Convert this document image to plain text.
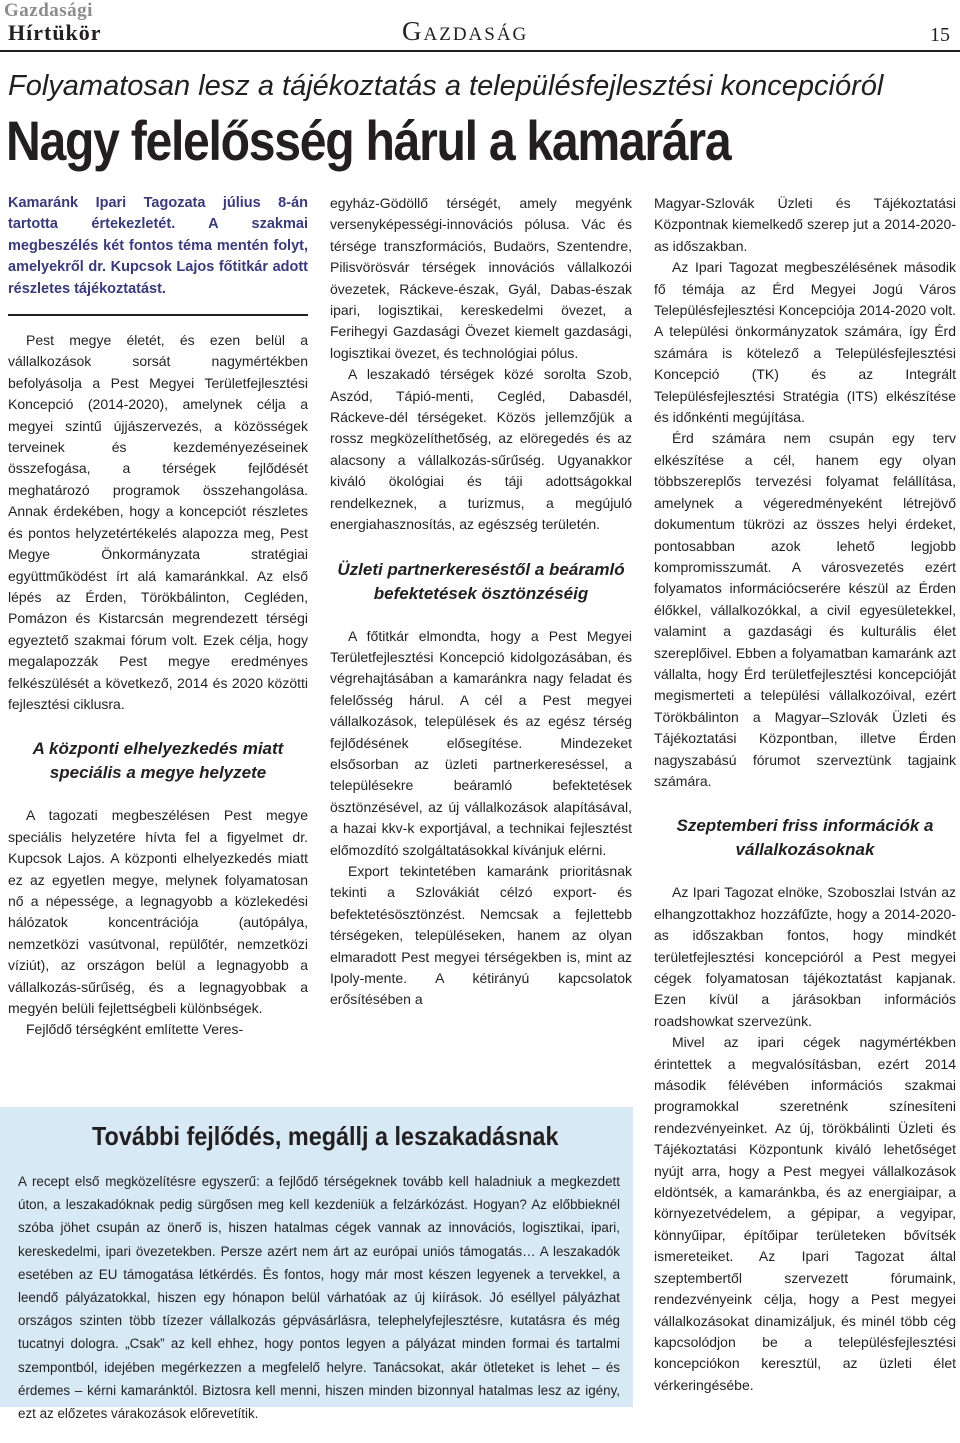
Gazdasági
Hírtükör	Gazdaság	15
Folyamatosan lesz a tájékoztatás a településfejlesztési koncepcióról
Nagy felelősség hárul a kamarára

Kamaránk Ipari Tagozata július 8-án tartotta értekezletét. A szakmai megbeszélés két fontos téma mentén folyt, amelyekről dr. Kupcsok Lajos főtitkár adott részletes tájékoztatást.

Pest megye életét, és ezen belül a vállalkozások sorsát nagymértékben befolyásolja a Pest Megyei Területfejlesztési Koncepció (2014-2020), amelynek célja a megyei szintű újjászervezés, a közösségek terveinek és kezdeményezéseinek összefogása, a térségek fejlődését meghatározó programok összehangolása. Annak érdekében, hogy a koncepciót részletes és pontos helyzetértékelés alapozza meg, Pest Megye Önkormányzata stratégiai együttműködést írt alá kamaránkkal. Az első lépés az Érden, Törökbálinton, Cegléden, Pomázon és Kistarcsán megrendezett térségi egyeztető szakmai fórum volt. Ezek célja, hogy megalapozzák Pest megye eredményes felkészülését a következő, 2014 és 2020 közötti fejlesztési ciklusra.

A központi elhelyezkedés miatt speciális a megye helyzete

A tagozati megbeszélésen Pest megye speciális helyzetére hívta fel a figyelmet dr. Kupcsok Lajos. A központi elhelyezkedés miatt ez az egyetlen megye, melynek folyamatosan nő a népessége, a legnagyobb a közlekedési hálózatok koncentrációja (autópálya, nemzetközi vasútvonal, repülőtér, nemzetközi víziút), az országon belül a legnagyobb a vállalkozás-sűrűség, és a legnagyobbak a megyén belüli fejlettségbeli különbségek.

Fejlődő térségként említette Veres-

egyház-Gödöllő térségét, amely megyénk versenyképességi-innovációs pólusa. Vác és térsége transzformációs, Budaörs, Szentendre, Pilisvörösvár térségek innovációs vállalkozói övezetek, Ráckeve-észak, Gyál, Dabas-észak ipari, logisztikai, kereskedelmi övezet, a Ferihegyi Gazdasági Övezet kiemelt gazdasági, logisztikai övezet, és technológiai pólus.

A leszakadó térségek közé sorolta Szob, Aszód, Tápió-menti, Cegléd, Dabasdél, Ráckeve-dél térségeket. Közös jellemzőjük a rossz megközelíthetőség, az elöregedés és az alacsony a vállalkozás-sűrűség. Ugyanakkor kiváló ökológiai és táji adottságokkal rendelkeznek, a turizmus, a megújuló energiahasznosítás, az egészség területén.

Üzleti partnerkereséstől a beáramló befektetések ösztönzéséig

A főtitkár elmondta, hogy a Pest Megyei Területfejlesztési Koncepció kidolgozásában, és végrehajtásában a kamaránkra nagy feladat és felelősség hárul. A cél a Pest megyei vállalkozások, települések és az egész térség fejlődésének elősegítése. Mindezeket elsősorban az üzleti partnerkereséssel, a településekre beáramló befektetések ösztönzésével, az új vállalkozások alapításával, a hazai kkv-k exportjával, a technikai fejlesztést előmozdító szolgáltatásokkal kívánjuk elérni.

Export tekintetében kamaránk prioritásnak tekinti a Szlovákiát célzó export- és befektetésösztönzést. Nemcsak a fejlettebb térségeken, településeken, hanem az olyan elmaradott Pest megyei térségekben is, mint az Ipoly-mente. A kétirányú kapcsolatok erősítésében a

Magyar-Szlovák Üzleti és Tájékoztatási Központnak kiemelkedő szerep jut a 2014-2020-as időszakban.

Az Ipari Tagozat megbeszélésének második fő témája az Érd Megyei Jogú Város Településfejlesztési Koncepciója 2014-2020 volt. A települési önkormányzatok számára, így Érd számára is kötelező a Településfejlesztési Koncepció (TK) és az Integrált Településfejlesztési Stratégia (ITS) elkészítése és időnkénti megújítása.

Érd számára nem csupán egy terv elkészítése a cél, hanem egy olyan többszereplős tervezési folyamat felállítása, amelynek a végeredményeként létrejövő dokumentum tükrözi az összes helyi érdeket, pontosabban azok lehető legjobb kompromisszumát. A városvezetés ezért folyamatos információcserére készül az Érden élőkkel, vállalkozókkal, a civil egyesületekkel, valamint a gazdasági és kulturális élet szereplőivel. Ebben a folyamatban kamaránk azt vállalta, hogy Érd területfejlesztési koncepcióját megismerteti a települési vállalkozóival, ezért Törökbálinton a Magyar–Szlovák Üzleti és Tájékoztatási Központban, illetve Érden nagyszabású fórumot szerveztünk tagjaink számára.

Szeptemberi friss információk a vállalkozásoknak

Az Ipari Tagozat elnöke, Szoboszlai István az elhangzottakhoz hozzáfűzte, hogy a 2014-2020-as időszakban fontos, hogy mindkét területfejlesztési koncepcióról a Pest megyei cégek folyamatosan tájékoztatást kapjanak. Ezen kívül a járásokban információs roadshowkat szervezünk.

Mivel az ipari cégek nagymértékben érintettek a megvalósításban, ezért 2014 második félévében információs szakmai programokkal szeretnénk színesíteni rendezvényeinket. Az új, törökbálinti Üzleti és Tájékoztatási Központunk kiváló lehetőséget nyújt arra, hogy a Pest megyei vállalkozások eldöntsék, a kamaránkba, és az energiaipar, a környezetvédelem, a gépipar, a vegyipar, könnyűipar, építőipar területeken bővítsék ismereteiket. Az Ipari Tagozat által szeptembertől szervezett fórumaink, rendezvényeink célja, hogy a Pest megyei vállalkozásokat dinamizáljuk, és minél több cég kapcsolódjon be a településfejlesztési koncepciókon keresztül, az üzleti élet vérkeringésébe.

További fejlődés, megállj a leszakadásnak

A recept első megközelítésre egyszerű: a fejlődő térségeknek tovább kell haladniuk a megkezdett úton, a leszakadóknak pedig sürgősen meg kell kezdeniük a felzárkózást. Hogyan? Az előbbieknél szóba jöhet csupán az önerő is, hiszen hatalmas cégek vannak az innovációs, logisztikai, ipari, kereskedelmi, ipari övezetekben. Persze azért nem árt az európai uniós támogatás… A leszakadók esetében az EU támogatása létkérdés. És fontos, hogy már most készen legyenek a tervekkel, a leendő pályázatokkal, hiszen egy hónapon belül várhatóak az új kiírások. Jó eséllyel pályázhat országos szinten több tízezer vállalkozás gépvásárlásra, telephelyfejlesztésre, kutatásra és még tucatnyi dologra. „Csak” az kell ehhez, hogy pontos legyen a pályázat minden formai és tartalmi szempontból, idejében megérkezzen a megfelelő helyre. Tanácsokat, akár ötleteket is lehet – és érdemes – kérni kamaránktól. Biztosra kell menni, hiszen minden bizonnyal hatalmas lesz az igény, ezt az előzetes várakozások előrevetítik.
